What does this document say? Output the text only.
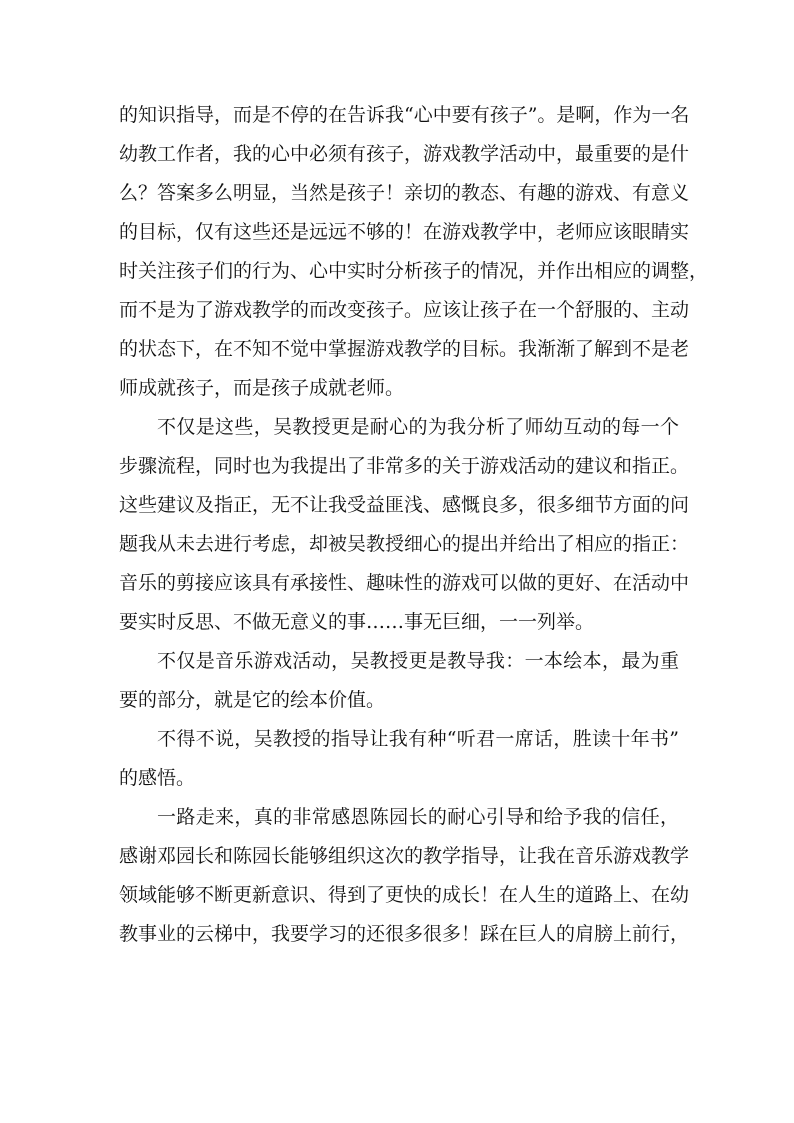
的知识指导，而是不停的在告诉我“心中要有孩子”。是啊，作为一名
幼教工作者，我的心中必须有孩子，游戏教学活动中，最重要的是什
么？答案多么明显，当然是孩子！亲切的教态、有趣的游戏、有意义
的目标，仅有这些还是远远不够的！在游戏教学中，老师应该眼睛实
时关注孩子们的行为、心中实时分析孩子的情况，并作出相应的调整，
而不是为了游戏教学的而改变孩子。应该让孩子在一个舒服的、主动
的状态下，在不知不觉中掌握游戏教学的目标。我渐渐了解到不是老
师成就孩子，而是孩子成就老师。
不仅是这些，吴教授更是耐心的为我分析了师幼互动的每一个
步骤流程，同时也为我提出了非常多的关于游戏活动的建议和指正。
这些建议及指正，无不让我受益匪浅、感慨良多，很多细节方面的问
题我从未去进行考虑，却被吴教授细心的提出并给出了相应的指正：
音乐的剪接应该具有承接性、趣味性的游戏可以做的更好、在活动中
要实时反思、不做无意义的事……事无巨细，一一列举。
不仅是音乐游戏活动，吴教授更是教导我：一本绘本，最为重
要的部分，就是它的绘本价值。
不得不说，吴教授的指导让我有种“听君一席话，胜读十年书”
的感悟。
一路走来，真的非常感恩陈园长的耐心引导和给予我的信任，
感谢邓园长和陈园长能够组织这次的教学指导，让我在音乐游戏教学
领域能够不断更新意识、得到了更快的成长！在人生的道路上、在幼
教事业的云梯中，我要学习的还很多很多！踩在巨人的肩膀上前行，
